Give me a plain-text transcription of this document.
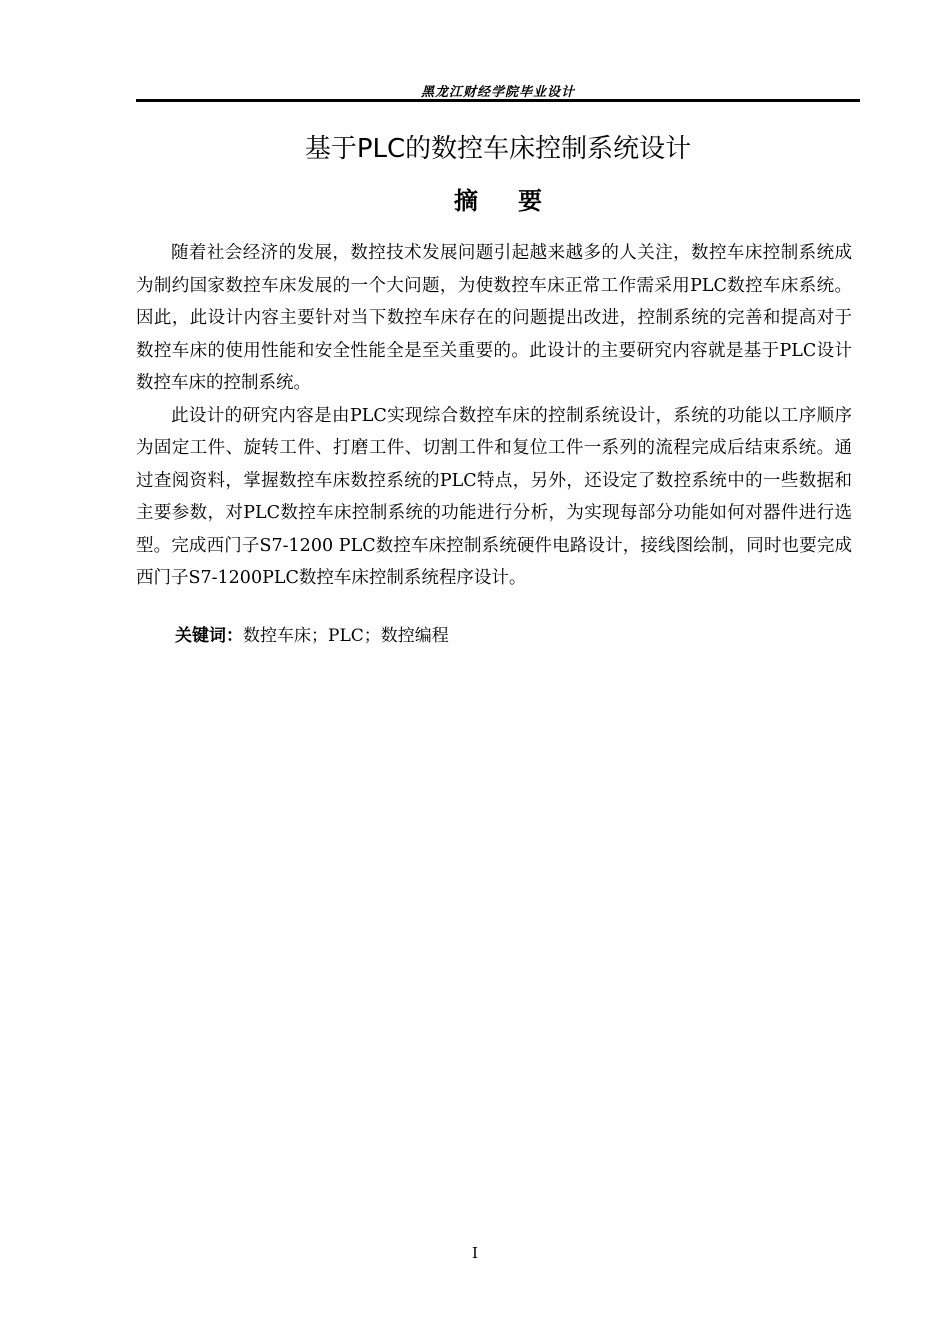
黑龙江财经学院毕业设计
基于PLC的数控车床控制系统设计
摘要

随着社会经济的发展，数控技术发展问题引起越来越多的人关注，数控车床控制系统成为制约国家数控车床发展的一个大问题，为使数控车床正常工作需采用PLC数控车床系统。因此，此设计内容主要针对当下数控车床存在的问题提出改进，控制系统的完善和提高对于数控车床的使用性能和安全性能全是至关重要的。此设计的主要研究内容就是基于PLC设计数控车床的控制系统。

此设计的研究内容是由PLC实现综合数控车床的控制系统设计，系统的功能以工序顺序为固定工件、旋转工件、打磨工件、切割工件和复位工件一系列的流程完成后结束系统。通过查阅资料，掌握数控车床数控系统的PLC特点，另外，还设定了数控系统中的一些数据和主要参数，对PLC数控车床控制系统的功能进行分析，为实现每部分功能如何对器件进行选型。完成西门子S7-1200 PLC数控车床控制系统硬件电路设计，接线图绘制，同时也要完成西门子S7-1200PLC数控车床控制系统程序设计。

关键词：数控车床；PLC；数控编程
I
